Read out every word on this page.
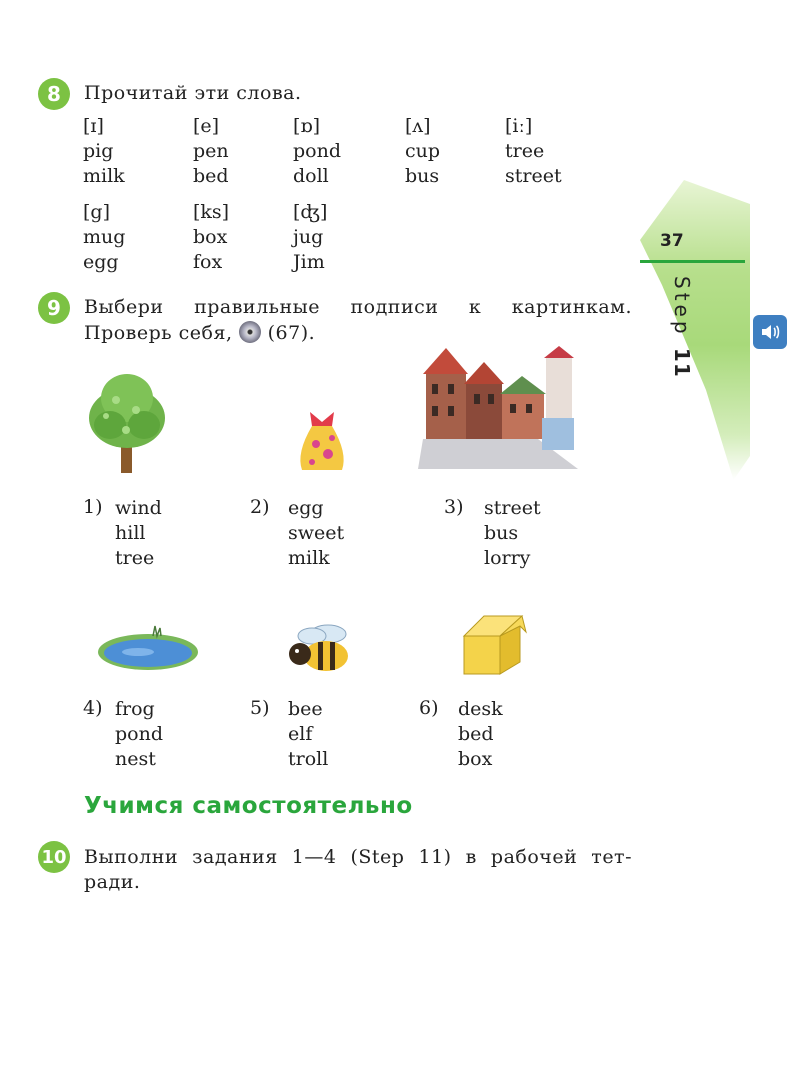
37
Step 11
8	Прочитай эти слова.
[ɪ]
pig
milk
[e]
pen
bed
[ɒ]
pond
doll
[ʌ]
cup
bus
[iː]
tree
street
[g]
mug
egg
[ks]
box
fox
[ʤ]
jug
Jim
9	Выбери правильные подписи к картинкам.
Проверь себя, (67).
1) wind
hill
tree
2) egg
sweet
milk
3) street
bus
lorry
4) frog
pond
nest
5) bee
elf
troll
6) desk
bed
box
Учимся самостоятельно
10 Выполни задания 1—4 (Step 11) в рабочей тет-
ради.
